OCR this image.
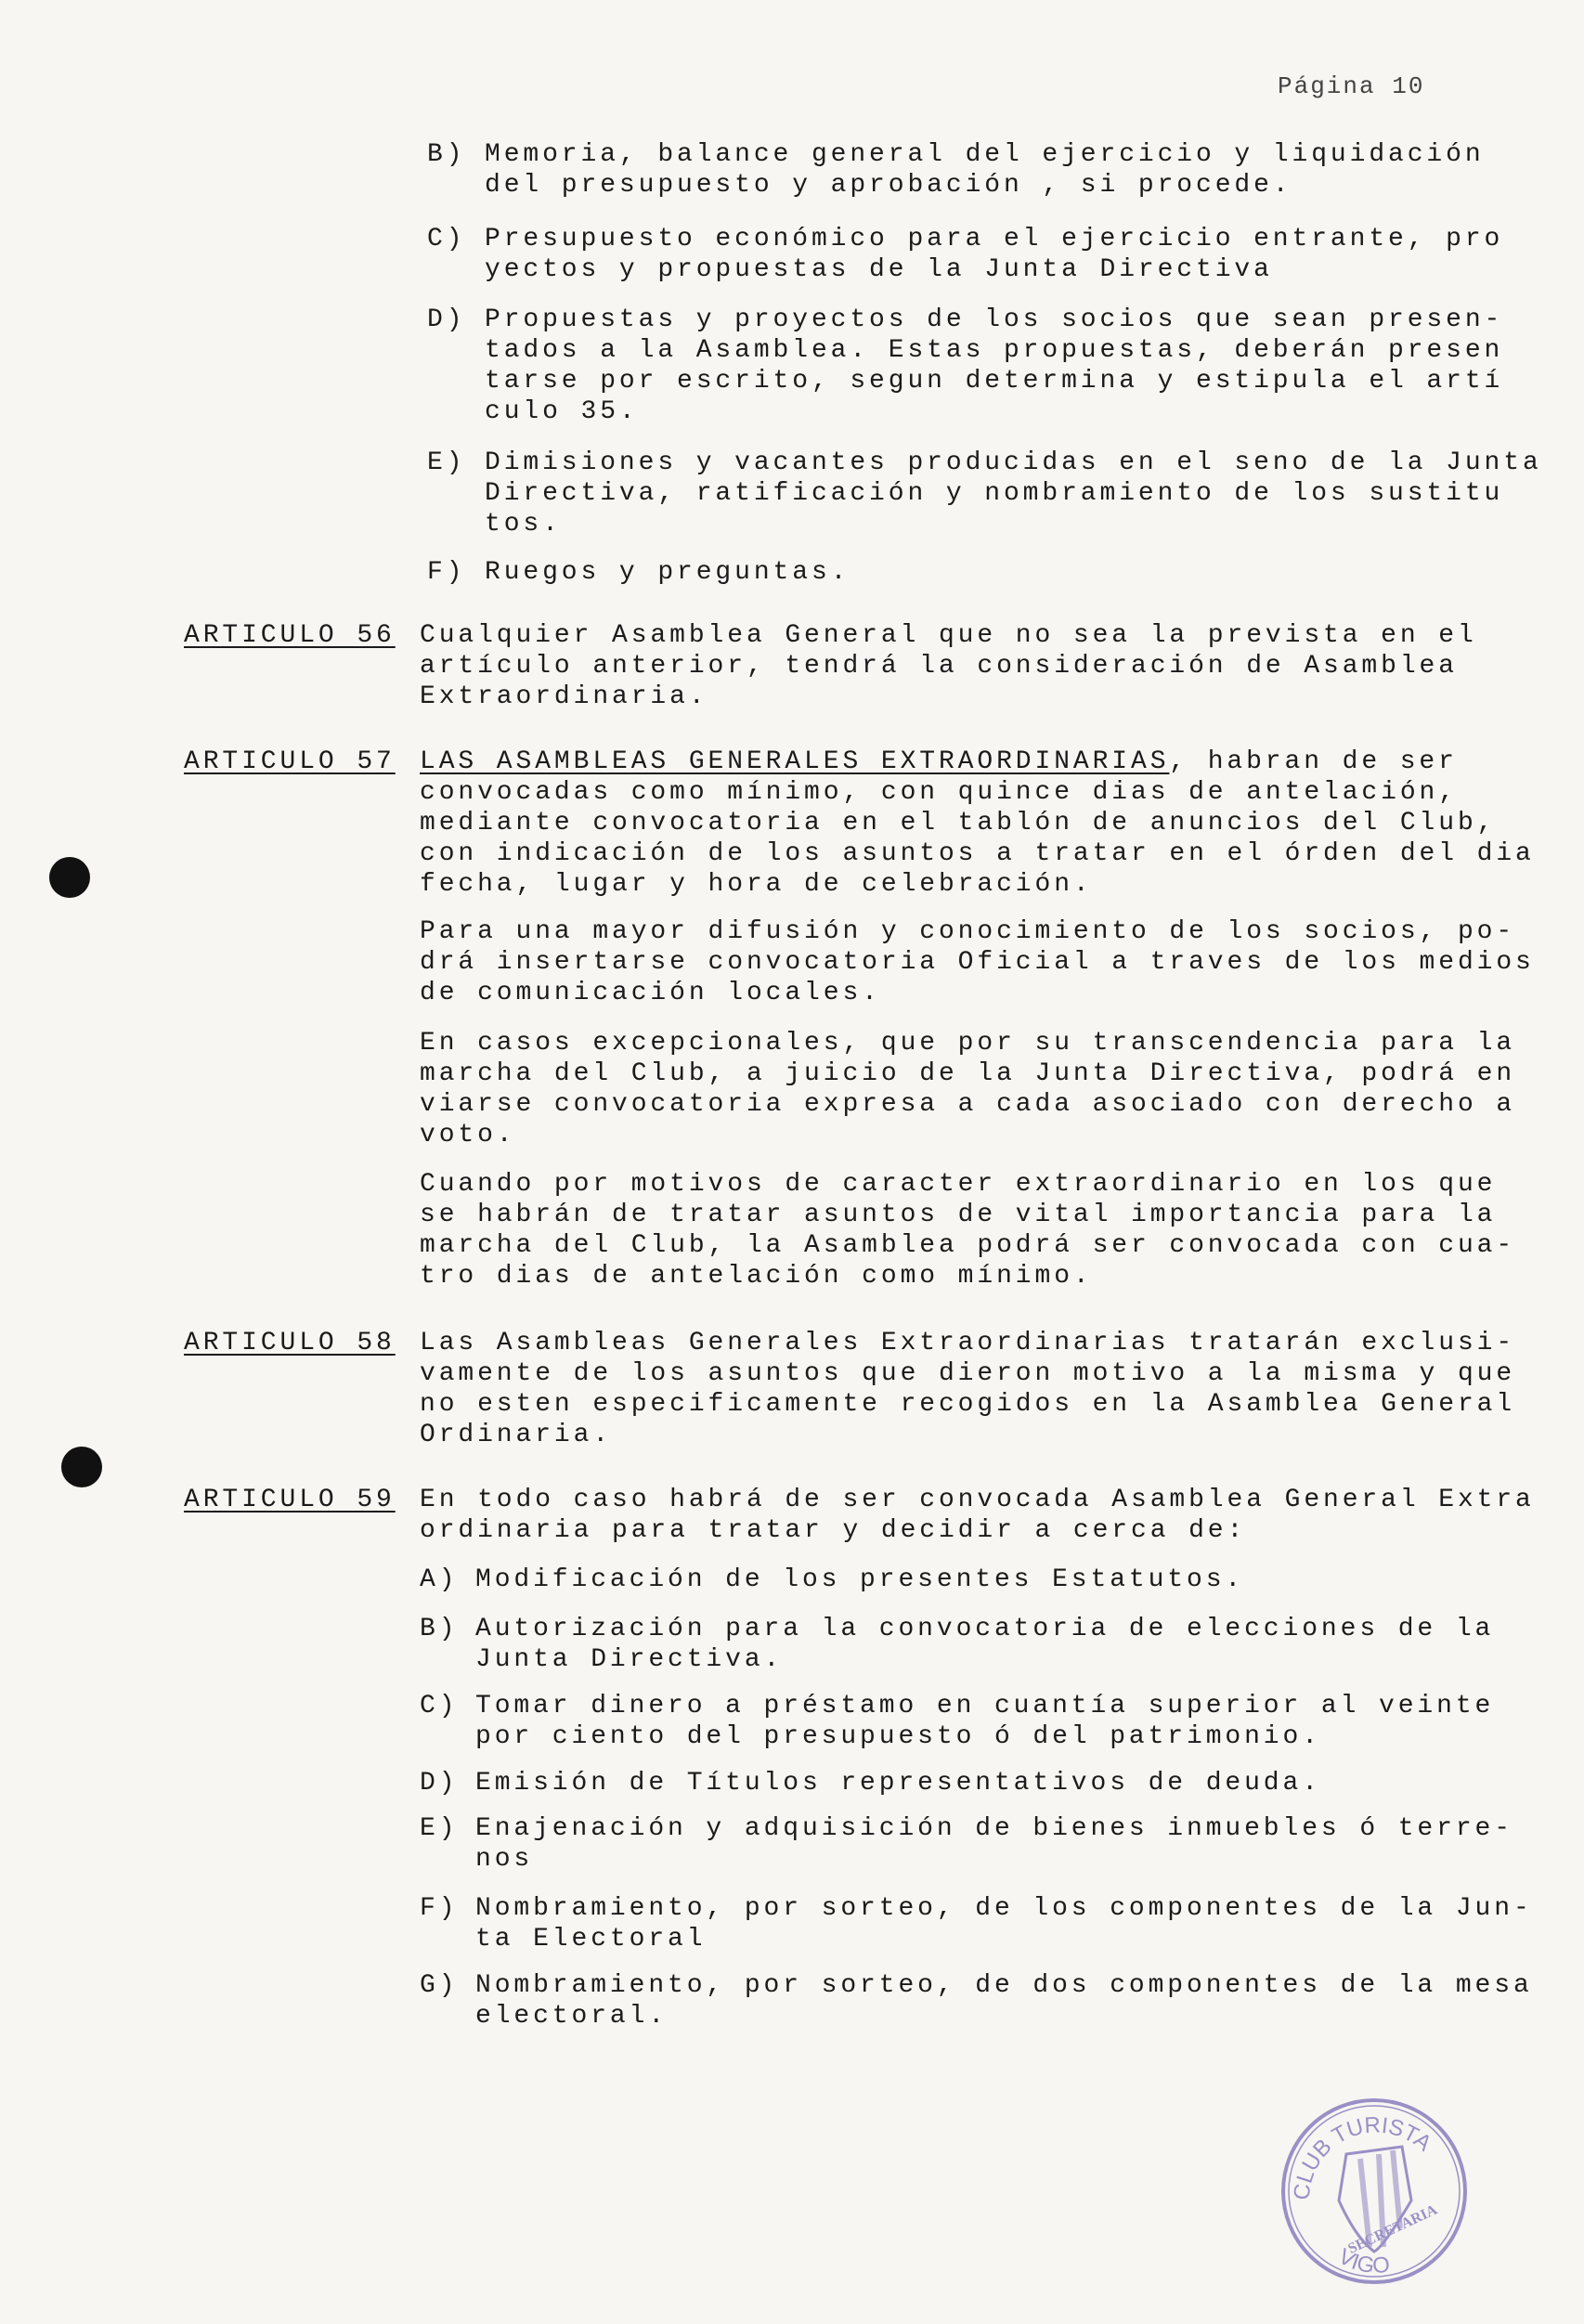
Página 10
CLUB TURISTA
SECRETARIA
VIGO
B) Memoria, balance general del ejercicio y liquidación
del presupuesto y aprobación , si procede.
C) Presupuesto económico para el ejercicio entrante, pro
yectos y propuestas de la Junta Directiva
D) Propuestas y proyectos de los socios que sean presen-
tados a la Asamblea. Estas propuestas, deberán presen
tarse por escrito, segun determina y estipula el artí
culo 35.
E) Dimisiones y vacantes producidas en el seno de la Junta
Directiva, ratificación y nombramiento de los sustitu
tos.
F) Ruegos y preguntas.
ARTICULO 56 Cualquier Asamblea General que no sea la prevista en el
artículo anterior, tendrá la consideración de Asamblea
Extraordinaria.
ARTICULO 57 LAS ASAMBLEAS GENERALES EXTRAORDINARIAS , habran de ser
convocadas como mínimo, con quince dias de antelación,
mediante convocatoria en el tablón de anuncios del Club,
con indicación de los asuntos a tratar en el órden del dia
fecha, lugar y hora de celebración.
Para una mayor difusión y conocimiento de los socios, po-
drá insertarse convocatoria Oficial a traves de los medios
de comunicación locales.
En casos excepcionales, que por su transcendencia para la
marcha del Club, a juicio de la Junta Directiva, podrá en
viarse convocatoria expresa a cada asociado con derecho a
voto.
Cuando por motivos de caracter extraordinario en los que
se habrán de tratar asuntos de vital importancia para la
marcha del Club, la Asamblea podrá ser convocada con cua-
tro dias de antelación como mínimo.
ARTICULO 58 Las Asambleas Generales Extraordinarias tratarán exclusi-
vamente de los asuntos que dieron motivo a la misma y que
no esten especificamente recogidos en la Asamblea General
Ordinaria.
ARTICULO 59 En todo caso habrá de ser convocada Asamblea General Extra
ordinaria para tratar y decidir a cerca de:
A) Modificación de los presentes Estatutos.
B) Autorización para la convocatoria de elecciones de la
Junta Directiva.
C) Tomar dinero a préstamo en cuantía superior al veinte
por ciento del presupuesto ó del patrimonio.
D) Emisión de Títulos representativos de deuda.
E) Enajenación y adquisición de bienes inmuebles ó terre-
nos
F) Nombramiento, por sorteo, de los componentes de la Jun-
ta Electoral
G) Nombramiento, por sorteo, de dos componentes de la mesa
electoral.
